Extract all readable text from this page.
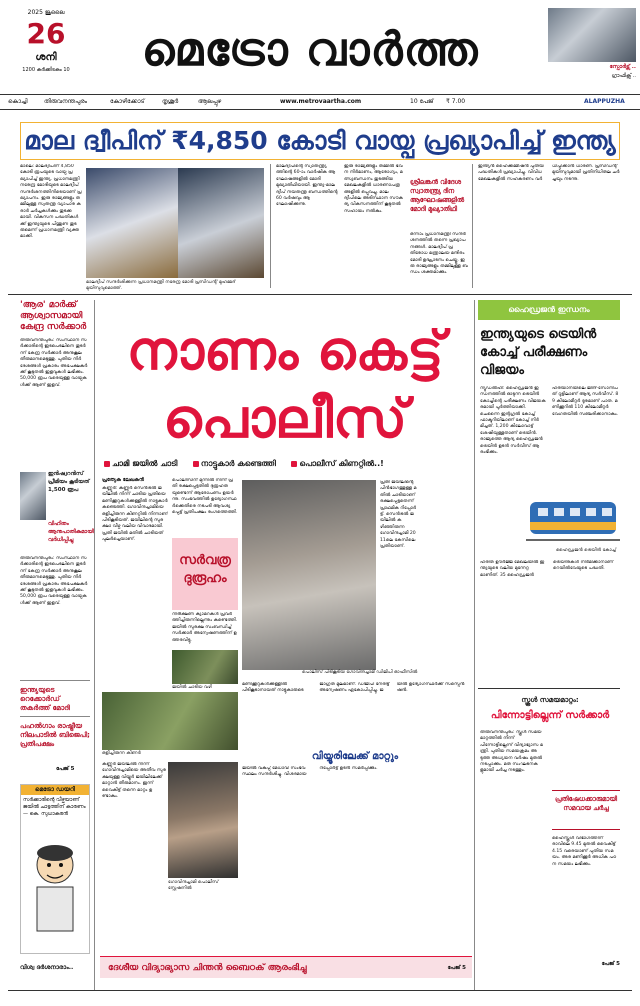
2025 ജൂലൈ
26
ശനി
1200 കർക്കിടകം 10	മെട്രോ വാർത്ത	സ്പോർട്സ് ..
ഗ്രാഫിക്സ് ..
കൊച്ചി	തിരുവനന്തപുരം	കോഴിക്കോട്	തൃശൂർ	ആലപ്പുഴ	www.metrovaartha.com	10 പേജ് ₹ 7.00	ALAPPUZHA
മാല ദ്വീപിന് ₹4,850 കോടി വായ്പ പ്രഖ്യാപിച്ച് ഇന്ത്യ
മാലെ: മാലദ്വീപിന് 4,850 കോടി രൂപയുടെ വായ്പ പ്രഖ്യാപിച്ച് ഇന്ത്യ. പ്രധാനമന്ത്രി നരേന്ദ്ര മോദിയുടെ മാലദ്വീപ് സന്ദർശനത്തിനിടെയാണ് പ്രഖ്യാപനം. ഇരു രാജ്യങ്ങളും തമ്മിലുള്ള സ്വതന്ത്ര വ്യാപാര കരാർ ചർച്ചകൾക്കും തുടക്കമായി. വികസന പദ്ധതികൾക്ക് ഇന്ത്യയുടെ പിന്തുണ തുടരുമെന്ന് പ്രധാനമന്ത്രി വ്യക്തമാക്കി.
മാലദ്വീപ് സന്ദർശിക്കുന്ന പ്രധാനമന്ത്രി നരേന്ദ്ര മോദി പ്രസിഡന്റ് മുഹമ്മദ് മുയിസുവുമൊത്ത്.
മാലദ്വീപിന്റെ സ്വാതന്ത്ര്യത്തിന്റെ 60-ാം വാർഷിക ആഘോഷങ്ങളിൽ മോദി മുഖ്യാതിഥിയായി. ഇന്ത്യ-മാലദ്വീപ് നയതന്ത്ര ബന്ധത്തിന്റെ 60 വർഷവും ആഘോഷിക്കുന്നു.
ഇരു രാജ്യങ്ങളും തമ്മിൽ ഭവന നിർമാണം, ആരോഗ്യം, മത്സ്യബന്ധനം തുടങ്ങിയ മേഖലകളിൽ ധാരണാപത്രങ്ങളിൽ ഒപ്പുവച്ചു. മാലദ്വീപിലെ അടിസ്ഥാന സൗകര്യ വികസനത്തിന് കൂടുതൽ സഹായം നൽകും.
ശ്രീലങ്കൻ വിദേശ സ്വാതന്ത്ര്യ ദിന ആഘോഷങ്ങളിൽ മോദി മുഖ്യാതിഥി
ഒന്നാം പ്രധാനമന്ത്രി സന്ദർശനത്തിൽ തന്നെ പ്രഖ്യാപനങ്ങൾ. മാലദ്വീപ് പ്രതിരോധ മന്ത്രാലയ മന്ദിരം മോദി ഉദ്ഘാടനം ചെയ്തു. ഇരു രാജ്യങ്ങളും തമ്മിലുള്ള ബന്ധം ശക്തമാക്കും.
ഇന്ത്യൻ ഹൈക്കമ്മീഷൻ പുതിയ പദ്ധതികൾ പ്രഖ്യാപിച്ചു. വിവിധ മേഖലകളിൽ സഹകരണം വർധിപ്പിക്കാൻ ധാരണ. പ്രസിഡന്റ് മുയിസുവുമായി പ്രതിനിധിതല ചർച്ചയും നടന്നു.
'ആര' മാർക്ക് ആശ്വാസമായി കേന്ദ്ര സർക്കാർ
തിരുവനന്തപുരം: സംസ്ഥാന സർക്കാരിന്റെ ഇടപെടലിനെ തുടർന്ന് കേന്ദ്ര സർക്കാർ അനുകൂല തീരുമാനമെടുത്തു. പുതിയ നിർദേശങ്ങൾ പ്രകാരം അപേക്ഷകർക്ക് കൂടുതൽ ഇളവുകൾ ലഭിക്കും. 50,000 രൂപ വരെയുള്ള വായ്പകൾക്ക് ആണ് ഇളവ്.
ഇൻഷ്വറൻസ് പ്രീമിയം കൂടിയത് 1,500 രൂപ
വിഹിതം ആനുപാതികമായി വർധിപ്പിച്ചു
തിരുവനന്തപുരം: സംസ്ഥാന സർക്കാരിന്റെ ഇടപെടലിനെ തുടർന്ന് കേന്ദ്ര സർക്കാർ അനുകൂല തീരുമാനമെടുത്തു. പുതിയ നിർദേശങ്ങൾ പ്രകാരം അപേക്ഷകർക്ക് കൂടുതൽ ഇളവുകൾ ലഭിക്കും. 50,000 രൂപ വരെയുള്ള വായ്പകൾക്ക് ആണ് ഇളവ്.
ഇന്ത്യയുടെ റെക്കോർഡ് തകർത്ത് മോദി
പഹൽഗാം രാഷ്ട്രീയ നിലപാടിൽ ബിജെപി; പ്രതിപക്ഷം
പേജ് 5
മെട്രോ ഡയറി
സർക്കാരിന്റെ വീഴ്ചയാണ് ജയിൽ ചാട്ടത്തിന് കാരണം — കെ. സുധാകരൻ
വിശ്വ ദർശനാരാം..
നാണം കെട്ട്
പൊലീസ്
ചാമി ജയിൽ ചാടി	നാട്ടുകാർ കണ്ടെത്തി	പൊലീസ് കിണറ്റിൽ..!
പ്രത്യേക ലേഖകൻ
കണ്ണൂർ: കണ്ണൂർ സെൻട്രൽ ജയിലിൽ നിന്ന് ചാടിയ പ്രതിയെ മണിക്കൂറുകൾക്കുള്ളിൽ നാട്ടുകാർ കണ്ടെത്തി. ഗോവിന്ദച്ചാമിയെ ഒളിച്ചിരുന്ന കിണറ്റിൽ നിന്നാണ് പിടികൂടിയത്. ജയിലിന്റെ സുരക്ഷാ വീഴ്ച വലിയ വിവാദമായി. പ്രതി ജയിൽ മതിൽ ചാടിയത് പുലർച്ചെയാണ്.
പൊലീസിന് മുന്നിൽ നിന്ന് പ്രതി രക്ഷപ്പെട്ടതിൽ ദുരൂഹതയുണ്ടെന്ന് ആരോപണം ഉയർന്നു. സംഭവത്തിൽ ഉദ്യോഗസ്ഥർക്കെതിരെ നടപടി ആവശ്യപ്പെട്ട് പ്രതിപക്ഷം രംഗത്തെത്തി.
സർവത്ര ദുരൂഹം
നിരീക്ഷണ ക്യാമറകൾ പ്രവർത്തിച്ചിരുന്നില്ലെന്നും കണ്ടെത്തി. ജയിൽ സുരക്ഷ സംബന്ധിച്ച് സർക്കാർ അന്വേഷണത്തിന് ഉത്തരവിട്ടു.
പ്രതി ജയിലിന്റെ പിൻഭാഗത്തുള്ള മതിൽ ചാടിയാണ് രക്ഷപ്പെട്ടതെന്ന് പ്രാഥമിക റിപ്പോർട്ട്. സെൻട്രൽ ജയിലിൽ കഴിഞ്ഞിരുന്ന ഗോവിന്ദച്ചാമി 2011ലെ കേസിലെ പ്രതിയാണ്.
പൊലീസ് പിടികൂടിയ ഗോവിന്ദച്ചാമി ഡിജിപി ഓഫീസിൽ
ജയിൽ ചാടിയ വഴി
ഒളിച്ചിരുന്ന കിണർ
മണിക്കൂറുകൾക്കുള്ളിൽ പിടികൂടാനായത് നാട്ടുകാരുടെ ജാഗ്രത മൂലമാണ്. ഡിജിപി നേരിട്ട് അന്വേഷണം ഏകോപിപ്പിച്ചു. ജയിൽ ഉദ്യോഗസ്ഥർക്ക് സസ്പെൻഷൻ.
വിയ്യൂരിലേക്ക് മാറ്റും
കണ്ണൂർ ജയിലിൽ നിന്ന് ഗോവിന്ദച്ചാമിയെ അതീവ സുരക്ഷയുള്ള വിയ്യൂർ ജയിലിലേക്ക് മാറ്റാൻ തീരുമാനം. ഇന്ന് വൈകിട്ട് തന്നെ മാറ്റം ഉണ്ടാകും.
ഗോവിന്ദച്ചാമി പൊലീസ് സ്റ്റേഷനിൽ
ജയിൽ വകുപ്പ് മേധാവി സംഭവസ്ഥലം സന്ദർശിച്ചു. വിശദമായ റിപ്പോർട്ട് ഉടൻ സമർപ്പിക്കും.
ദേശീയ വിദ്യാഭ്യാസ ചിന്തൻ ബൈഠക് ആരംഭിച്ചു	പേജ് 5
ഹൈഡ്രജൻ ഇന്ധനം
ഇന്ത്യയുടെ ട്രെയിൻ കോച്ച് പരീക്ഷണം വിജയം
ന്യൂഡൽഹി: ഹൈഡ്രജൻ ഇന്ധനത്തിൽ ഓടുന്ന ട്രെയിൻ കോച്ചിന്റെ പരീക്ഷണം വിജയകരമായി പൂർത്തിയാക്കി. ചെന്നൈ ഇന്റഗ്രൽ കോച്ച് ഫാക്ടറിയിലാണ് കോച്ച് നിർമിച്ചത്. 1,200 കിലോവാട്ട് ശേഷിയുള്ളതാണ് ട്രെയിൻ. രാജ്യത്തെ ആദ്യ ഹൈഡ്രജൻ ട്രെയിൻ ഉടൻ സർവീസ് ആരംഭിക്കും.
ഹരിയാനയിലെ ജിന്ദ്-സോനിപത് റൂട്ടിലാണ് ആദ്യ സർവീസ്. 89 കിലോമീറ്റർ ദൂരമാണ് പാത. മണിക്കൂറിൽ 110 കിലോമീറ്റർ വേഗതയിൽ സഞ്ചരിക്കാനാകും.
ഹൈഡ്രജൻ ട്രെയിൻ കോച്ച്
ഹരിത ഊർജ്ജ മേഖലയിൽ ഇന്ത്യയുടെ വലിയ മുന്നേറ്റമാണിത്. 35 ഹൈഡ്രജൻ ട്രെയിനുകൾ നിർമിക്കാനാണ് റെയിൽവേയുടെ പദ്ധതി.
സ്കൂൾ സമയമാറ്റം:
പിന്നോട്ടില്ലെന്ന് സർക്കാർ
തിരുവനന്തപുരം: സ്കൂൾ സമയമാറ്റത്തിൽ നിന്ന് പിന്നോട്ടില്ലെന്ന് വിദ്യാഭ്യാസ മന്ത്രി. പുതിയ സമയക്രമം അടുത്ത അധ്യയന വർഷം മുതൽ നടപ്പാക്കും. മത സംഘടനകളുമായി ചർച്ച നടത്തും.
പ്രതിഷേധക്കാരുമായി സമവായ ചർച്ച
ഹൈസ്കൂൾ വിഭാഗത്തിന് രാവിലെ 9.45 മുതൽ വൈകിട്ട് 4.15 വരെയാണ് പുതിയ സമയം. അര മണിക്കൂർ അധിക പഠന സമയം ലഭിക്കും.
പേജ് 5
